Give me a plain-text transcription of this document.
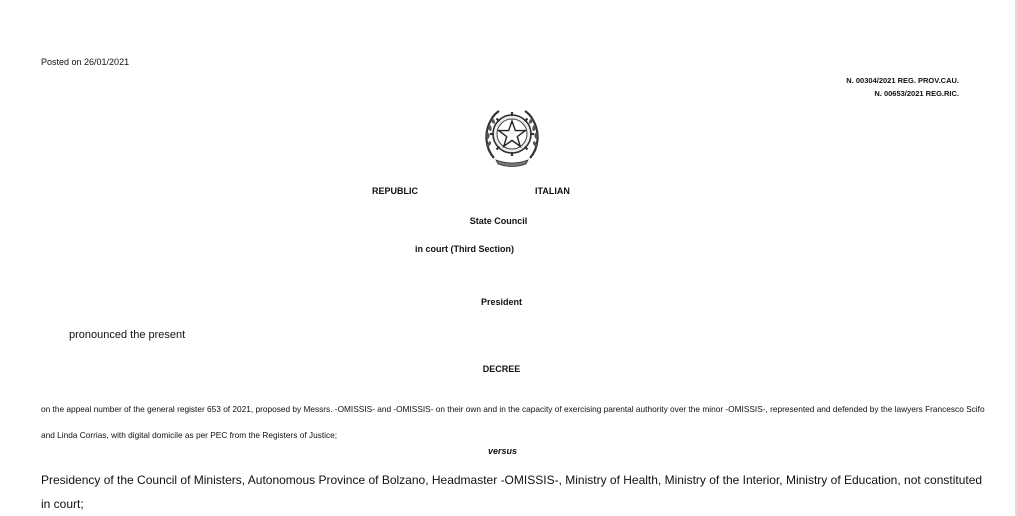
Posted on 26/01/2021
N. 00304/2021 REG. PROV.CAU.
N. 00653/2021 REG.RIC.
REPUBLIC	ITALIAN
State Council
in court (Third Section)
President
pronounced the present
DECREE
on the appeal number of the general register 653 of 2021, proposed by Messrs. -OMISSIS- and -OMISSIS- on their own and in the capacity of exercising parental authority over the minor -OMISSIS-, represented and defended by the lawyers Francesco Scifo and Linda Corrias, with digital domicile as per PEC from the Registers of Justice;
versus
Presidency of the Council of Ministers, Autonomous Province of Bolzano, Headmaster -OMISSIS-, Ministry of Health, Ministry of the Interior, Ministry of Education, not constituted in court;
